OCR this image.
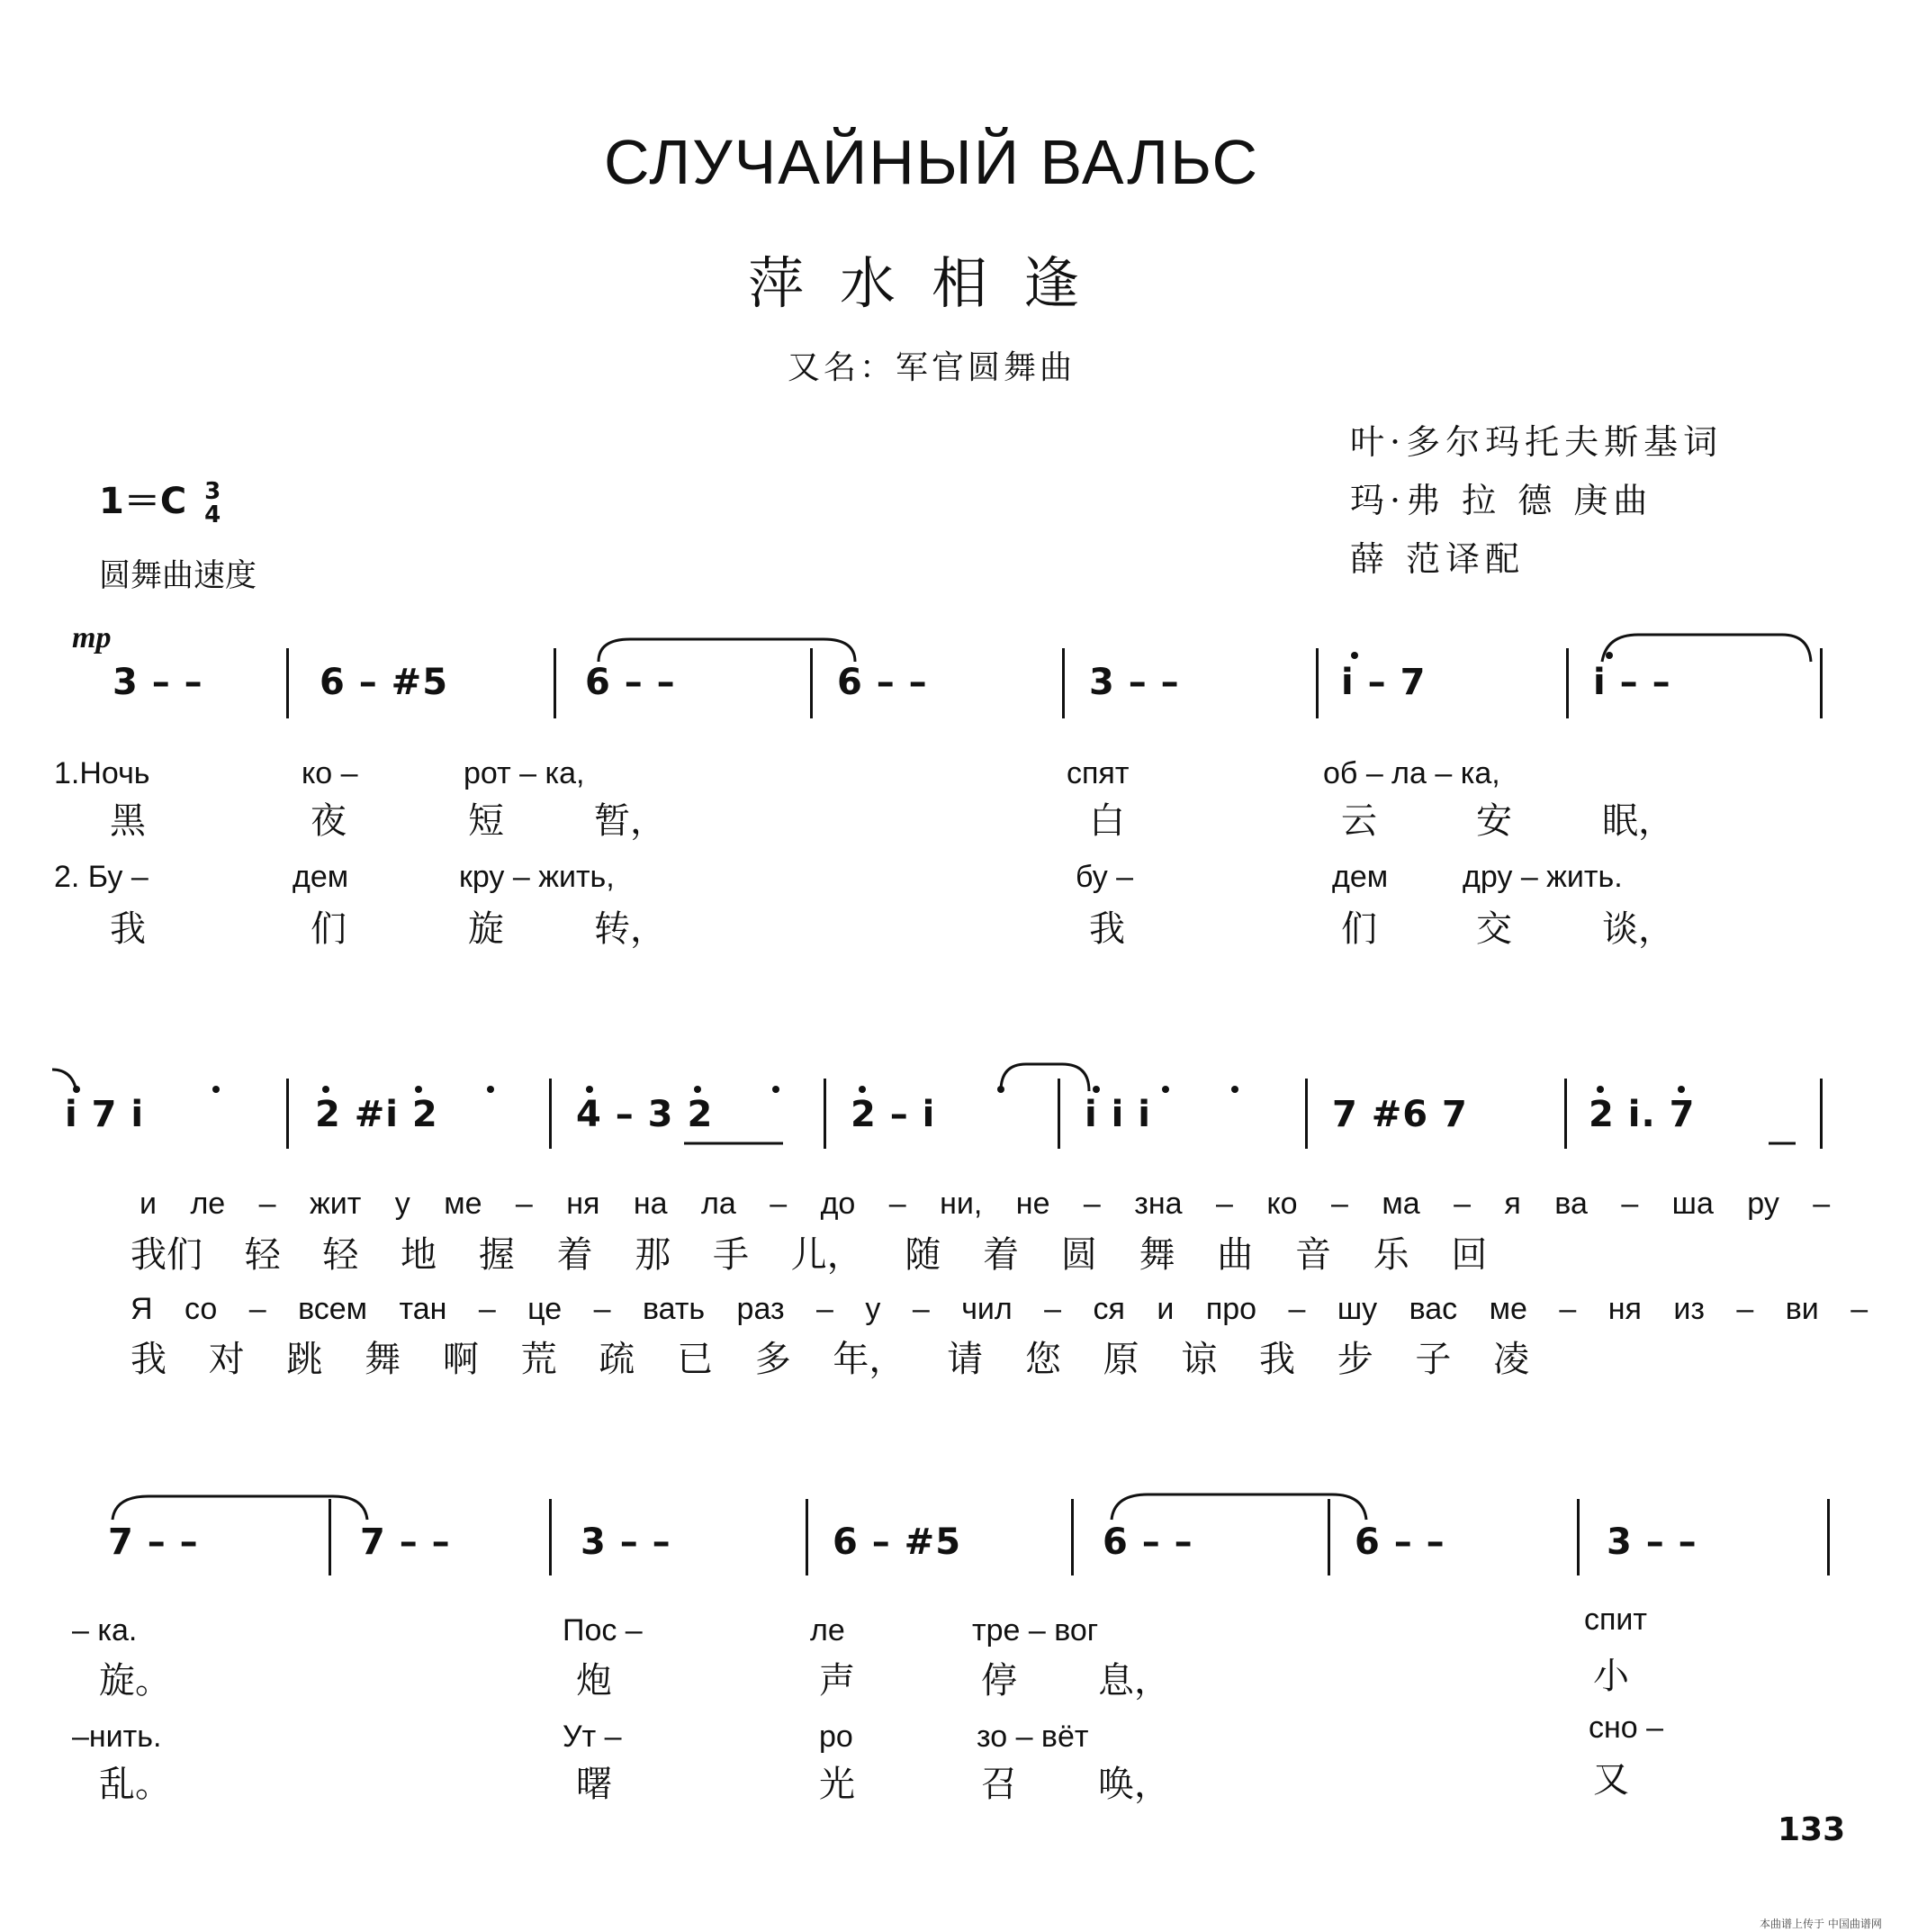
СЛУЧАЙНЫЙ ВАЛЬС
萍水相逢
又名：军官圆舞曲
叶·多尔玛托夫斯基词
玛·弗 拉 德 庚曲
薛 范译配
1＝C 3
4
圆舞曲速度
mp
3 – –	6 – #5	6 – –	6 – –	3 – –	i – 7	i – –
1.Ночь	ко –	рот – ка,	спят	об – ла – ка,
黑	夜	短	暂，	白	云	安	眠，
2. Бу –	дем	кру – жить,	бу –	дем дру – жить.
我	们	旋	转，	我	们	交	谈，
i 7 i	2 #i 2	4 – 3 2	2 – i	i i i	7 #6 7	2 i. 7
и ле – жит у ме – ня на ла – до – ни, не – зна – ко – ма – я ва – ша ру –
我们 轻 轻 地 握 着 那 手 儿， 随 着 圆 舞 曲 音 乐 回
Я со – всем тан – це – вать раз – у – чил – ся и про – шу вас ме – ня из – ви –
我 对 跳 舞 啊 荒 疏 已 多 年， 请 您 原 谅 我 步 子 凌
7 – –	7 – –	3 – –	6 – #5	6 – –	6 – –	3 – –
– ка.	Пос –	ле	тре – вог	спит
旋。	炮	声	停 息，	小
–нить.	Ут –	ро	зо – вёт	сно –
乱。	曙	光	召 唤，	又
133
本曲谱上传于 中国曲谱网
